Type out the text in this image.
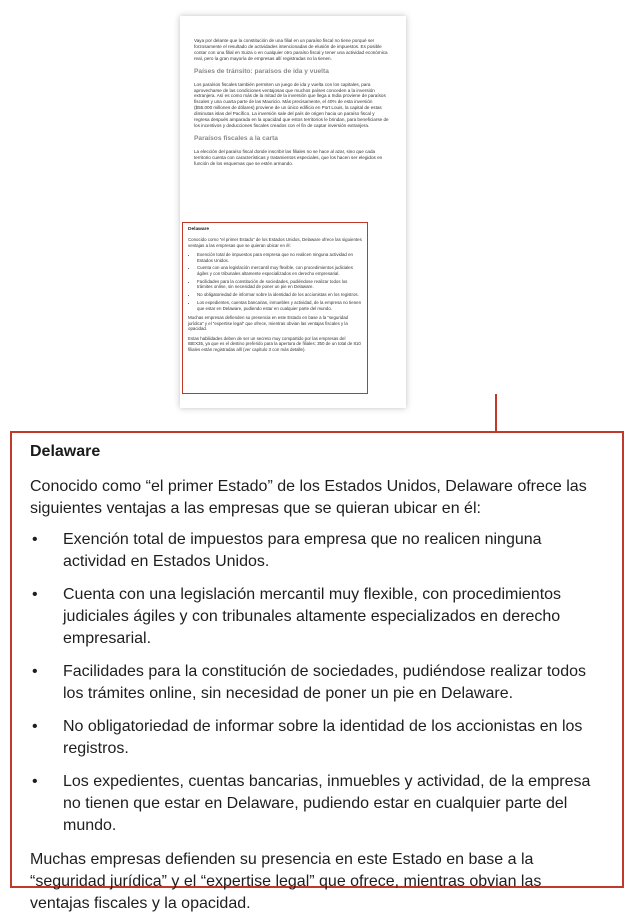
Vaya por delante que la constitución de una filial en un paraíso fiscal no tiene porqué ser forzosamente el resultado de actividades intencionadas de elusión de impuestos. Es posible contar con una filial en Suiza o en cualquier otro paraíso fiscal y tener una actividad económica real, pero la gran mayoría de empresas allí registradas no la tienen.

Países de tránsito: paraísos de ida y vuelta

Los paraísos fiscales también permiten un juego de ida y vuelta con los capitales, para aprovecharse de las condiciones ventajosas que muchos países conceden a la inversión extranjera. Así es como más de la mitad de la inversión que llega a India proviene de paraísos fiscales y una cuarta parte de las Mauricio. Más precisamente, el 40% de esta inversión ($55.000 millones de dólares) proviene de un único edificio en Port Louis, la capital de estas diminutas islas del Pacífico. La inversión sale del país de origen hacia un paraíso fiscal y regresa después amparada en la opacidad que estos territorios le brindan, para beneficiarse de los incentivos y deducciones fiscales creados con el fin de captar inversión extranjera.

Paraísos fiscales a la carta

La elección del paraíso fiscal donde inscribir las filiales no se hace al azar, sino que cada territorio cuenta con características y tratamientos especiales, que los hacen ser elegidos en función de los esquemas que se estén armando.

Delaware

Conocido como “el primer Estado” de los Estados Unidos, Delaware ofrece las siguientes ventajas a las empresas que se quieran ubicar en él:

• Exención total de impuestos para empresa que no realicen ninguna actividad en Estados Unidos.
• Cuenta con una legislación mercantil muy flexible, con procedimientos judiciales ágiles y con tribunales altamente especializados en derecho empresarial.
• Facilidades para la constitución de sociedades, pudiéndose realizar todos los trámites online, sin necesidad de poner un pie en Delaware.
• No obligatoriedad de informar sobre la identidad de los accionistas en los registros.
• Los expedientes, cuentas bancarias, inmuebles y actividad, de la empresa no tienen que estar en Delaware, pudiendo estar en cualquier parte del mundo.

Muchas empresas defienden su presencia en este Estado en base a la “seguridad jurídica” y el “expertise legal” que ofrece, mientras obvian las ventajas fiscales y la opacidad.

Estas habilidades deben de ser un secreto muy compartido por las empresas del IBEX35, ya que es el destino preferido para la apertura de filiales: 350 de un total de 810 filiales están registradas allí (ver capítulo 3 con más detalle).

Delaware

Conocido como “el primer Estado” de los Estados Unidos, Delaware ofrece las siguientes ventajas a las empresas que se quieran ubicar en él:

•	Exención total de impuestos para empresa que no realicen ninguna actividad en Estados Unidos.
•	Cuenta con una legislación mercantil muy flexible, con procedimientos judiciales ágiles y con tribunales altamente especializados en derecho empresarial.
•	Facilidades para la constitución de sociedades, pudiéndose realizar todos los trámites online, sin necesidad de poner un pie en Delaware.
•	No obligatoriedad de informar sobre la identidad de los accionistas en los registros.
•	Los expedientes, cuentas bancarias, inmuebles y actividad, de la empresa no tienen que estar en Delaware, pudiendo estar en cualquier parte del mundo.

Muchas empresas defienden su presencia en este Estado en base a la “seguridad jurídica” y el “expertise legal” que ofrece, mientras obvian las ventajas fiscales y la opacidad.
